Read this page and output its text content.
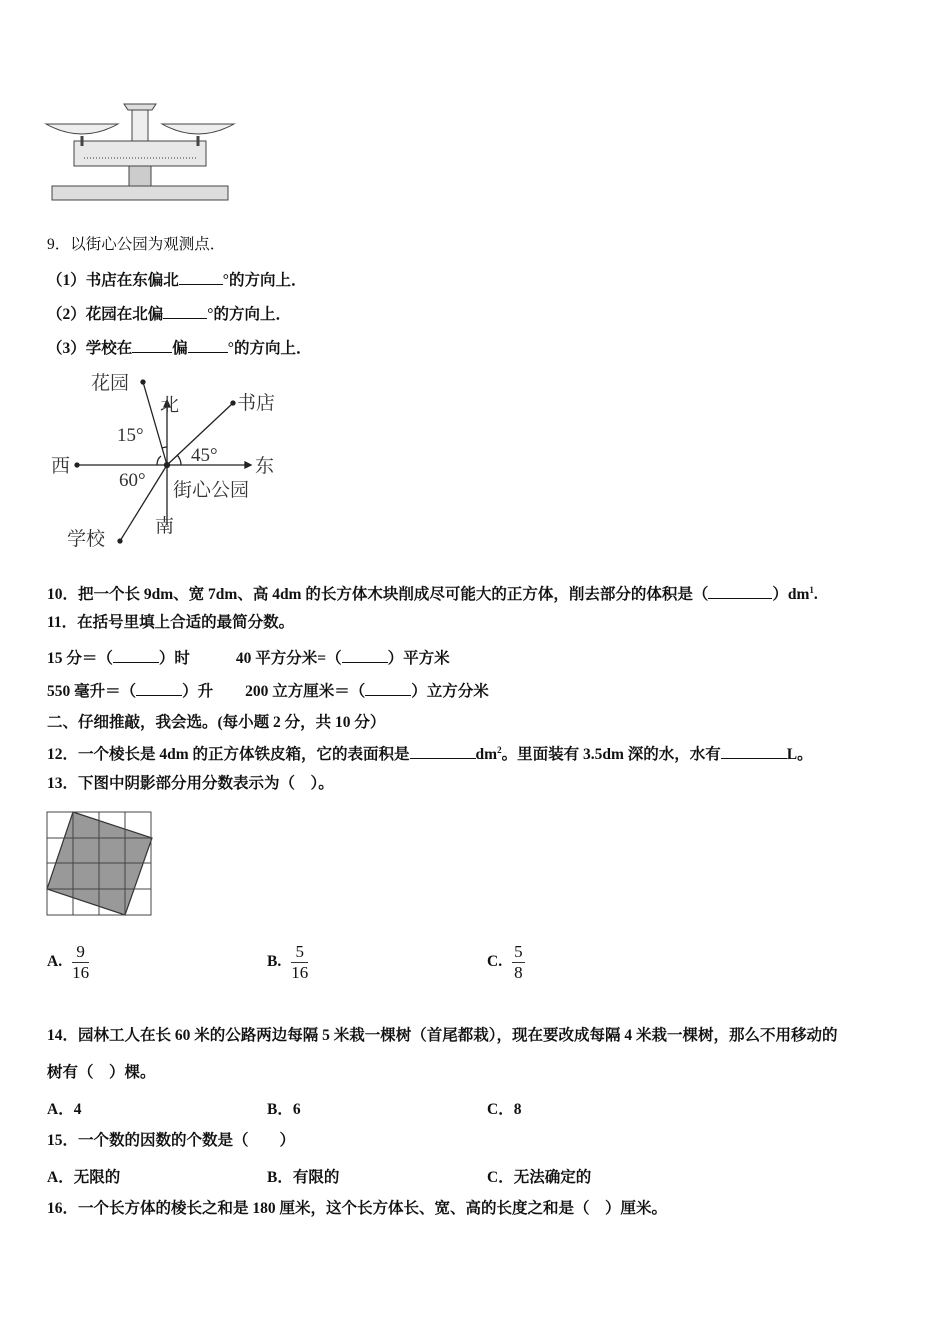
9．以街心公园为观测点．
（1）书店在东偏北	°的方向上．
（2）花园在北偏	°的方向上．
（3）学校在	偏	°的方向上．
花园
北	书店
15°
45°
西	东
60° 街心公园
南
学校
10．把一个长 9dm、宽 7dm、高 4dm 的长方体木块削成尽可能大的正方体，削去部分的体积是（	）$dm^1$.
11．在括号里填上合适的最简分数。
15 分＝（	）时	40 平方分米=（	）平方米
550 毫升＝（	）升 200 立方厘米＝（	）立方分米
二、仔细推敲，我会选。(每小题 2 分，共 10 分）
12．一个棱长是 4dm 的正方体铁皮箱，它的表面积是	$dm^2$。里面装有 3.5dm 深的水，水有	L。
13．下图中阴影部分用分数表示为（　）。
A. $\frac{9}{16}$	B. $\frac{5}{16}$	C. $\frac{5}{8}$
14．园林工人在长 60 米的公路两边每隔 5 米栽一棵树（首尾都栽），现在要改成每隔 4 米栽一棵树，那么不用移动的
树有（　）棵。
A．4	B．6	C．8
15．一个数的因数的个数是（　　）
A．无限的	B．有限的	C．无法确定的
16．一个长方体的棱长之和是 180 厘米，这个长方体长、宽、高的长度之和是（　）厘米。
